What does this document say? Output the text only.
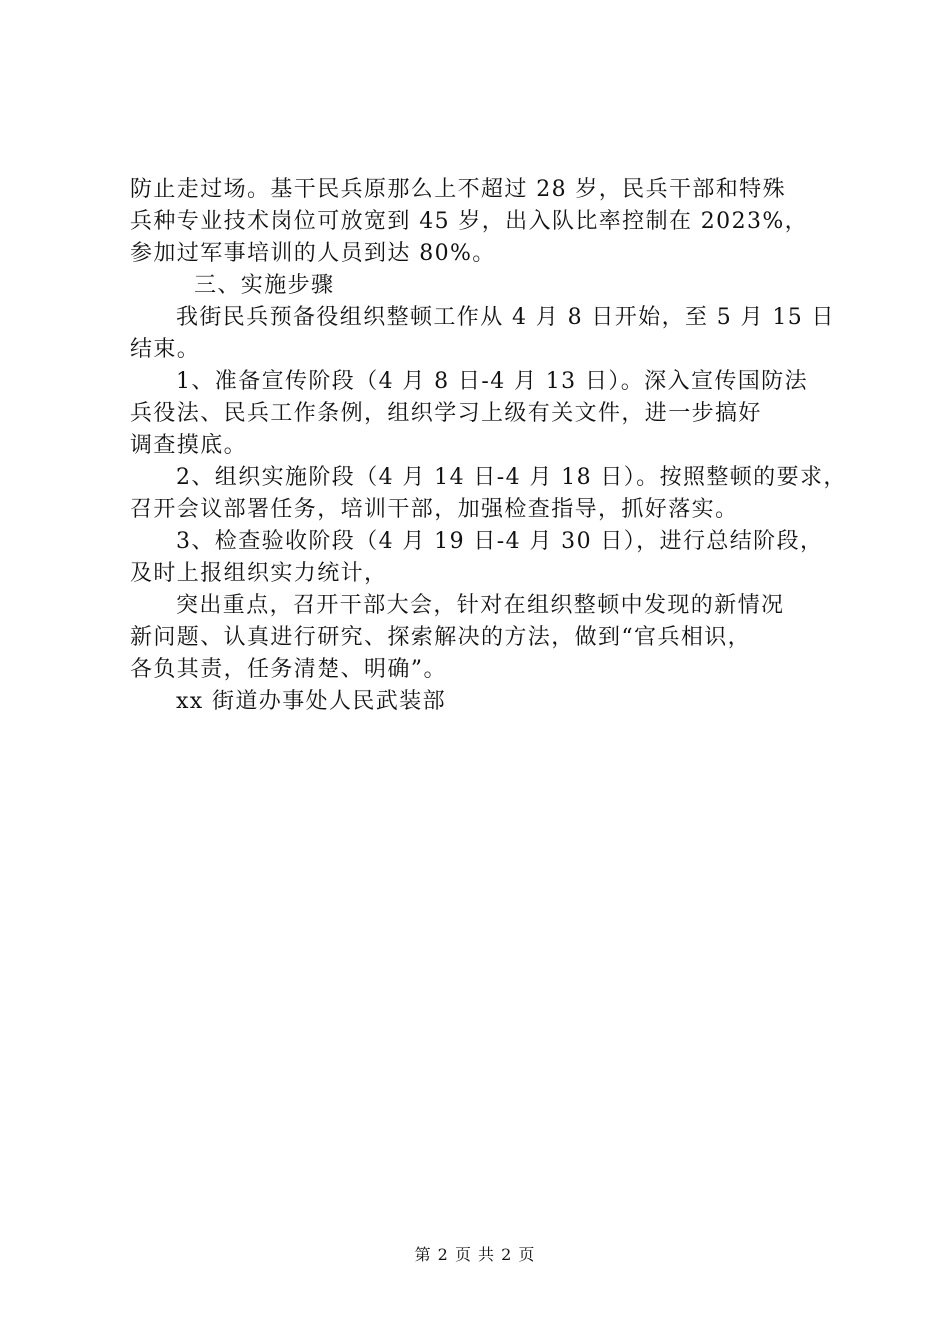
防止走过场。基干民兵原那么上不超过 28 岁，民兵干部和特殊
兵种专业技术岗位可放宽到 45 岁，出入队比率控制在 2023%，
参加过军事培训的人员到达 80%。
三、实施步骤
我街民兵预备役组织整顿工作从 4 月 8 日开始，至 5 月 15 日
结束。
1、准备宣传阶段（4 月 8 日-4 月 13 日）。深入宣传国防法
兵役法、民兵工作条例，组织学习上级有关文件，进一步搞好
调查摸底。
2、组织实施阶段（4 月 14 日-4 月 18 日）。按照整顿的要求，
召开会议部署任务，培训干部，加强检查指导，抓好落实。
3、检查验收阶段（4 月 19 日-4 月 30 日），进行总结阶段，
及时上报组织实力统计，
突出重点，召开干部大会，针对在组织整顿中发现的新情况
新问题、认真进行研究、探索解决的方法，做到“官兵相识，
各负其责，任务清楚、明确”。
xx 街道办事处人民武装部
第 2 页 共 2 页
